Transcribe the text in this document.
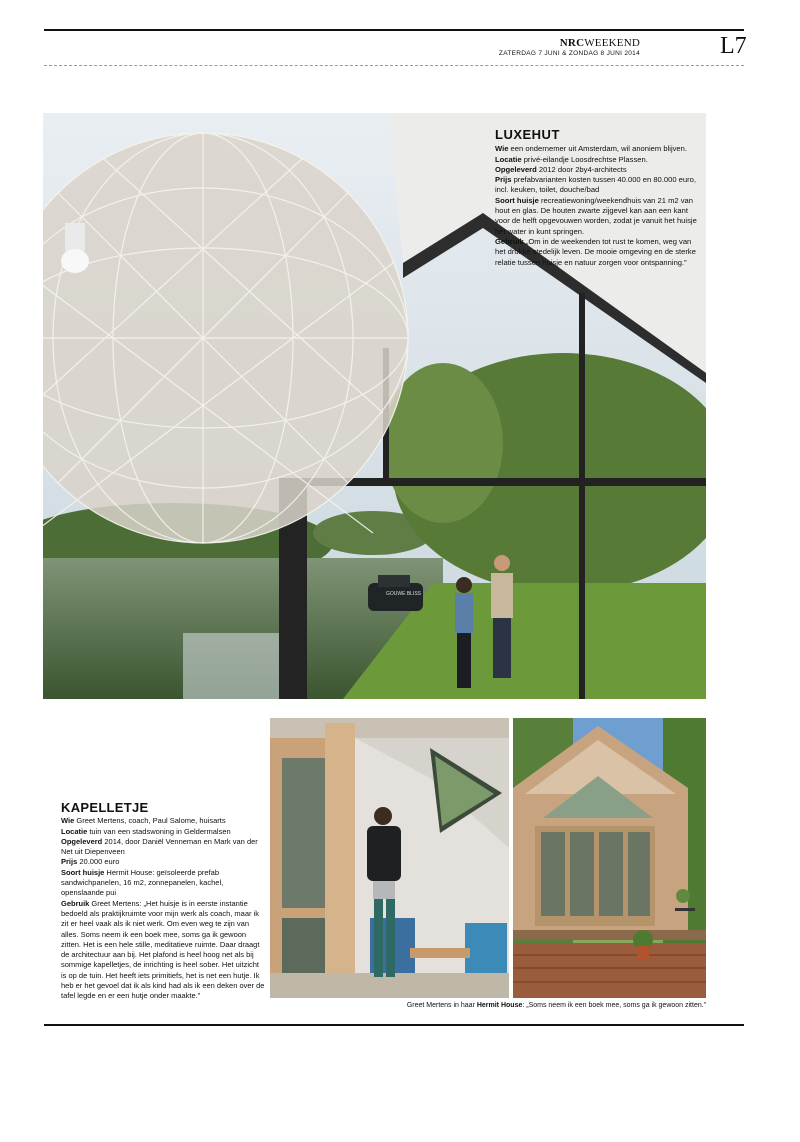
NRCWEEKEND
ZATERDAG 7 JUNI & ZONDAG 8 JUNI 2014	L7
GOUWE BLISS
LUXEHUT
Wie een ondernemer uit Amsterdam, wil anoniem blijven.
Locatie privé-eilandje Loosdrechtse Plassen.
Opgeleverd 2012 door 2by4-architects
Prijs prefabvarianten kosten tussen 40.000 en 80.000 euro, incl. keuken, toilet, douche/bad
Soort huisje recreatiewoning/weekendhuis van 21 m2 van hout en glas. De houten zwarte zijgevel kan aan een kant voor de helft opgevouwen worden, zodat je vanuit het huisje het water in kunt springen.
Gebruik „Om in de weekenden tot rust te komen, weg van het drukke stedelijk leven. De mooie omgeving en de sterke relatie tussen huisje en natuur zorgen voor ontspanning.”
KAPELLETJE
Wie Greet Mertens, coach, Paul Salome, huisarts
Locatie tuin van een stadswoning in Geldermalsen
Opgeleverd 2014, door Daniël Venneman en Mark van der Net uit Diepenveen
Prijs 20.000 euro
Soort huisje Hermit House: geïsoleerde prefab sandwichpanelen, 16 m2, zonnepanelen, kachel, openslaande pui
Gebruik Greet Mertens: „Het huisje is in eerste instantie bedoeld als praktijkruimte voor mijn werk als coach, maar ik zit er heel vaak als ik niet werk. Om even weg te zijn van alles. Soms neem ik een boek mee, soms ga ik gewoon zitten. Het is een hele stille, meditatieve ruimte. Daar draagt de architectuur aan bij. Het plafond is heel hoog net als bij sommige kapelletjes, de inrichting is heel sober. Het uitzicht is op de tuin. Het heeft iets primitiefs, het is net een hutje. Ik heb er het gevoel dat ik als kind had als ik een deken over de tafel legde en er een hutje onder maakte.”
Greet Mertens in haar Hermit House: „Soms neem ik een boek mee, soms ga ik gewoon zitten.”
